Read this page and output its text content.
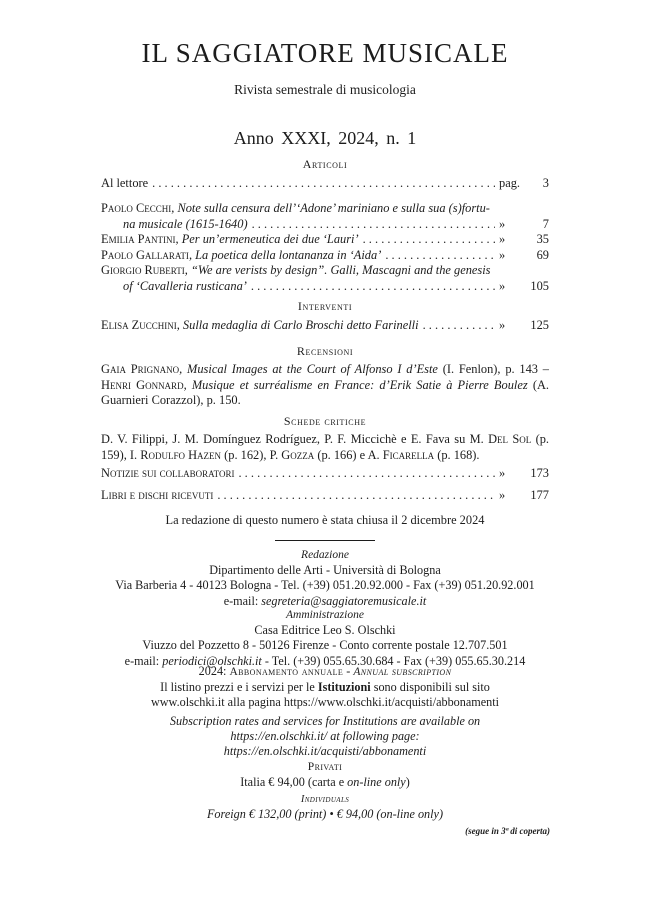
IL SAGGIATORE MUSICALE
Rivista semestrale di musicologia
Anno XXXI, 2024, n. 1
Articoli
Al lettore . . .	pag.	3
Paolo Cecchi, Note sulla censura dell’‘Adone’ mariniano e sulla sua (s)fortu-
na musicale (1615-1640) . . .	»	7
Emilia Pantini, Per un’ermeneutica dei due ‘Lauri’ . . .	»	35
Paolo Gallarati, La poetica della lontananza in ‘Aida’ . . .	»	69
Giorgio Ruberti, “We are verists by design”. Galli, Mascagni and the genesis
of ‘Cavalleria rusticana’ . . .	»	105
Interventi
Elisa Zucchini, Sulla medaglia di Carlo Broschi detto Farinelli . . .	»	125
Recensioni
Gaia Prignano, Musical Images at the Court of Alfonso I d’Este (I. Fenlon), p. 143 – Henri Gonnard, Musique et surréalisme en France: d’Erik Satie à Pierre Boulez (A. Guarnieri Corazzol), p. 150.
Schede critiche
D. V. Filippi, J. M. Domínguez Rodríguez, P. F. Miccichè e E. Fava su M. Del Sol (p. 159), I. Rodulfo Hazen (p. 162), P. Gozza (p. 166) e A. Ficarella (p. 168).
Notizie sui collaboratori . . .	»	173
Libri e dischi ricevuti . . .	»	177
La redazione di questo numero è stata chiusa il 2 dicembre 2024
Redazione
Dipartimento delle Arti - Università di Bologna
Via Barberia 4 - 40123 Bologna - Tel. (+39) 051.20.92.000 - Fax (+39) 051.20.92.001
e-mail: segreteria@saggiatoremusicale.it
Amministrazione
Casa Editrice Leo S. Olschki
Viuzzo del Pozzetto 8 - 50126 Firenze - Conto corrente postale 12.707.501
e-mail: periodici@olschki.it - Tel. (+39) 055.65.30.684 - Fax (+39) 055.65.30.214
2024: Abbonamento annuale - Annual subscription
Il listino prezzi e i servizi per le Istituzioni sono disponibili sul sito
www.olschki.it alla pagina https://www.olschki.it/acquisti/abbonamenti
Subscription rates and services for Institutions are available on
https://en.olschki.it/ at following page:
https://en.olschki.it/acquisti/abbonamenti
Privati
Italia € 94,00 (carta e on-line only)
Individuals
Foreign € 132,00 (print) • € 94,00 (on-line only)
(segue in 3ª di coperta)
